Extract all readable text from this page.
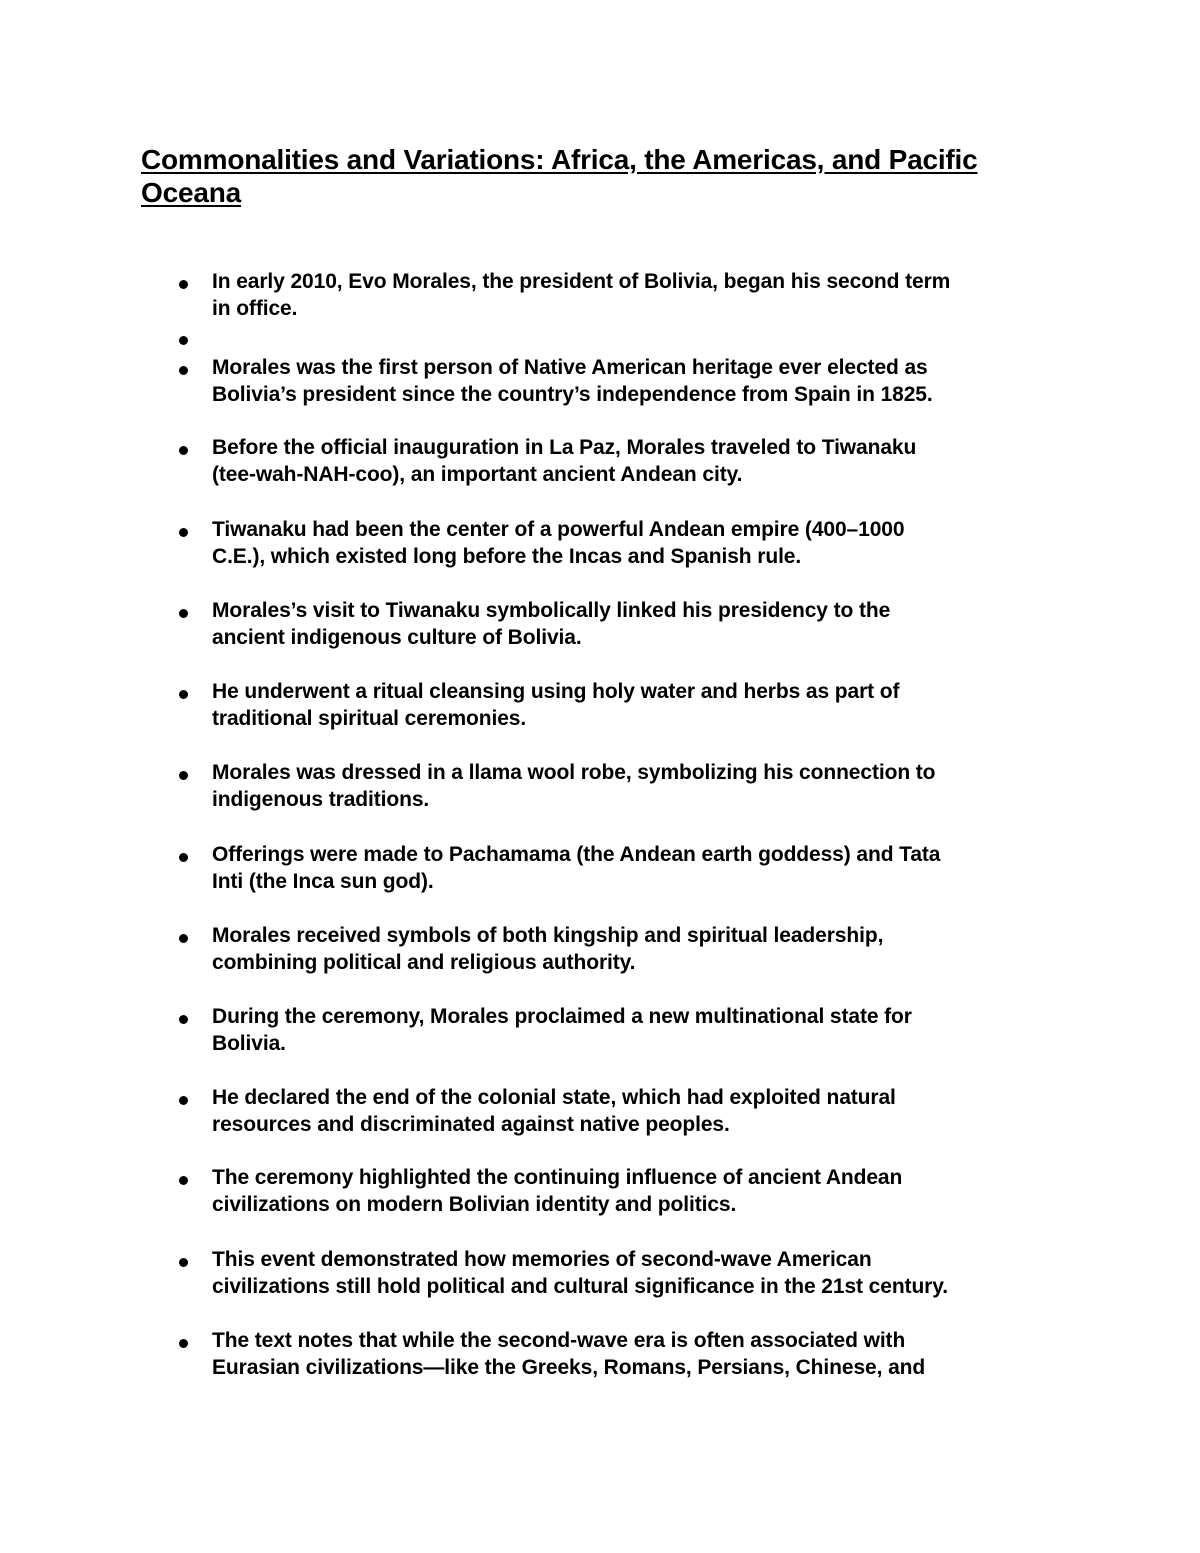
Commonalities and Variations: Africa, the Americas, and Pacific Oceana
In early 2010, Evo Morales, the president of Bolivia, began his second term
in office.
Morales was the first person of Native American heritage ever elected as
Bolivia’s president since the country’s independence from Spain in 1825.
Before the official inauguration in La Paz, Morales traveled to Tiwanaku
(tee-wah-NAH-coo), an important ancient Andean city.
Tiwanaku had been the center of a powerful Andean empire (400–1000
C.E.), which existed long before the Incas and Spanish rule.
Morales’s visit to Tiwanaku symbolically linked his presidency to the
ancient indigenous culture of Bolivia.
He underwent a ritual cleansing using holy water and herbs as part of
traditional spiritual ceremonies.
Morales was dressed in a llama wool robe, symbolizing his connection to
indigenous traditions.
Offerings were made to Pachamama (the Andean earth goddess) and Tata
Inti (the Inca sun god).
Morales received symbols of both kingship and spiritual leadership,
combining political and religious authority.
During the ceremony, Morales proclaimed a new multinational state for
Bolivia.
He declared the end of the colonial state, which had exploited natural
resources and discriminated against native peoples.
The ceremony highlighted the continuing influence of ancient Andean
civilizations on modern Bolivian identity and politics.
This event demonstrated how memories of second-wave American
civilizations still hold political and cultural significance in the 21st century.
The text notes that while the second-wave era is often associated with
Eurasian civilizations—like the Greeks, Romans, Persians, Chinese, and
